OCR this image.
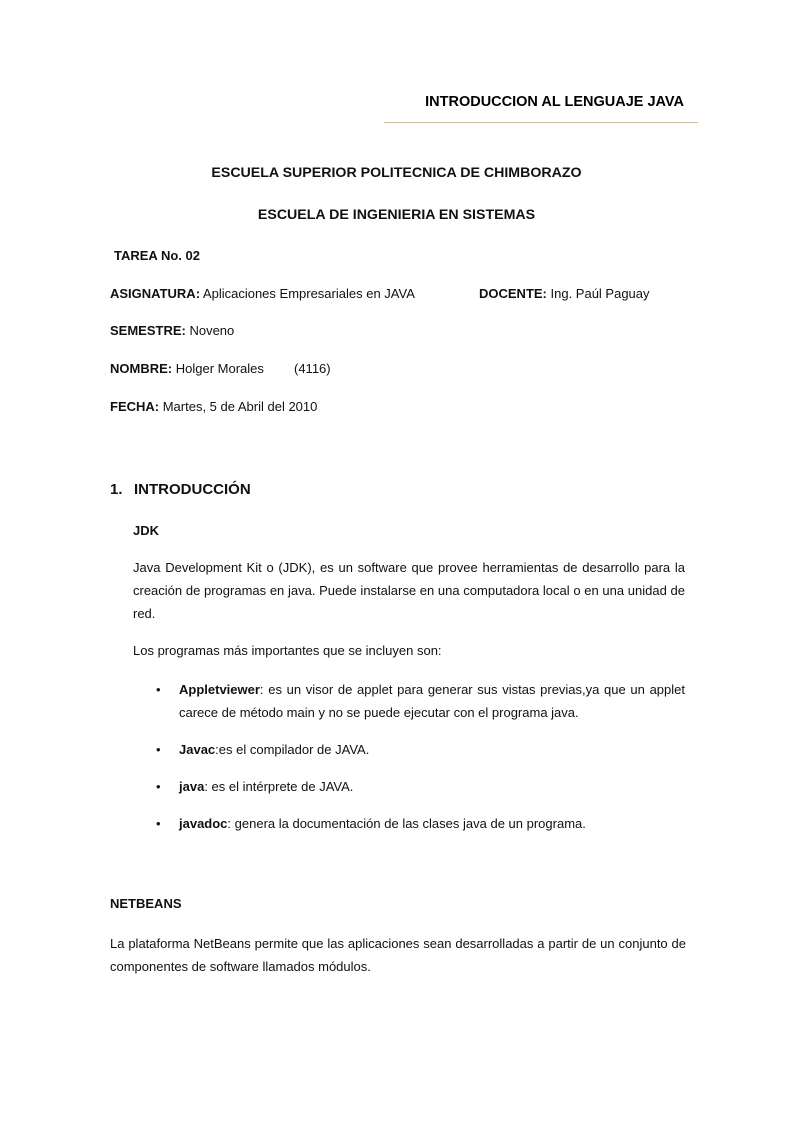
INTRODUCCION AL LENGUAJE JAVA
ESCUELA SUPERIOR POLITECNICA DE CHIMBORAZO
ESCUELA DE INGENIERIA EN SISTEMAS
TAREA No. 02
ASIGNATURA: Aplicaciones Empresariales en JAVA	DOCENTE: Ing. Paúl Paguay
SEMESTRE: Noveno
NOMBRE: Holger Morales (4116)
FECHA: Martes, 5 de Abril del 2010
1. INTRODUCCIÓN
JDK
Java Development Kit o (JDK), es un software que provee herramientas de desarrollo para la creación de programas en java. Puede instalarse en una computadora local o en una unidad de red.
Los programas más importantes que se incluyen son:
• Appletviewer: es un visor de applet para generar sus vistas previas,ya que un applet carece de método main y no se puede ejecutar con el programa java.
• Javac:es el compilador de JAVA.
• java: es el intérprete de JAVA.
• javadoc: genera la documentación de las clases java de un programa.
NETBEANS
La plataforma NetBeans permite que las aplicaciones sean desarrolladas a partir de un conjunto de componentes de software llamados módulos.
